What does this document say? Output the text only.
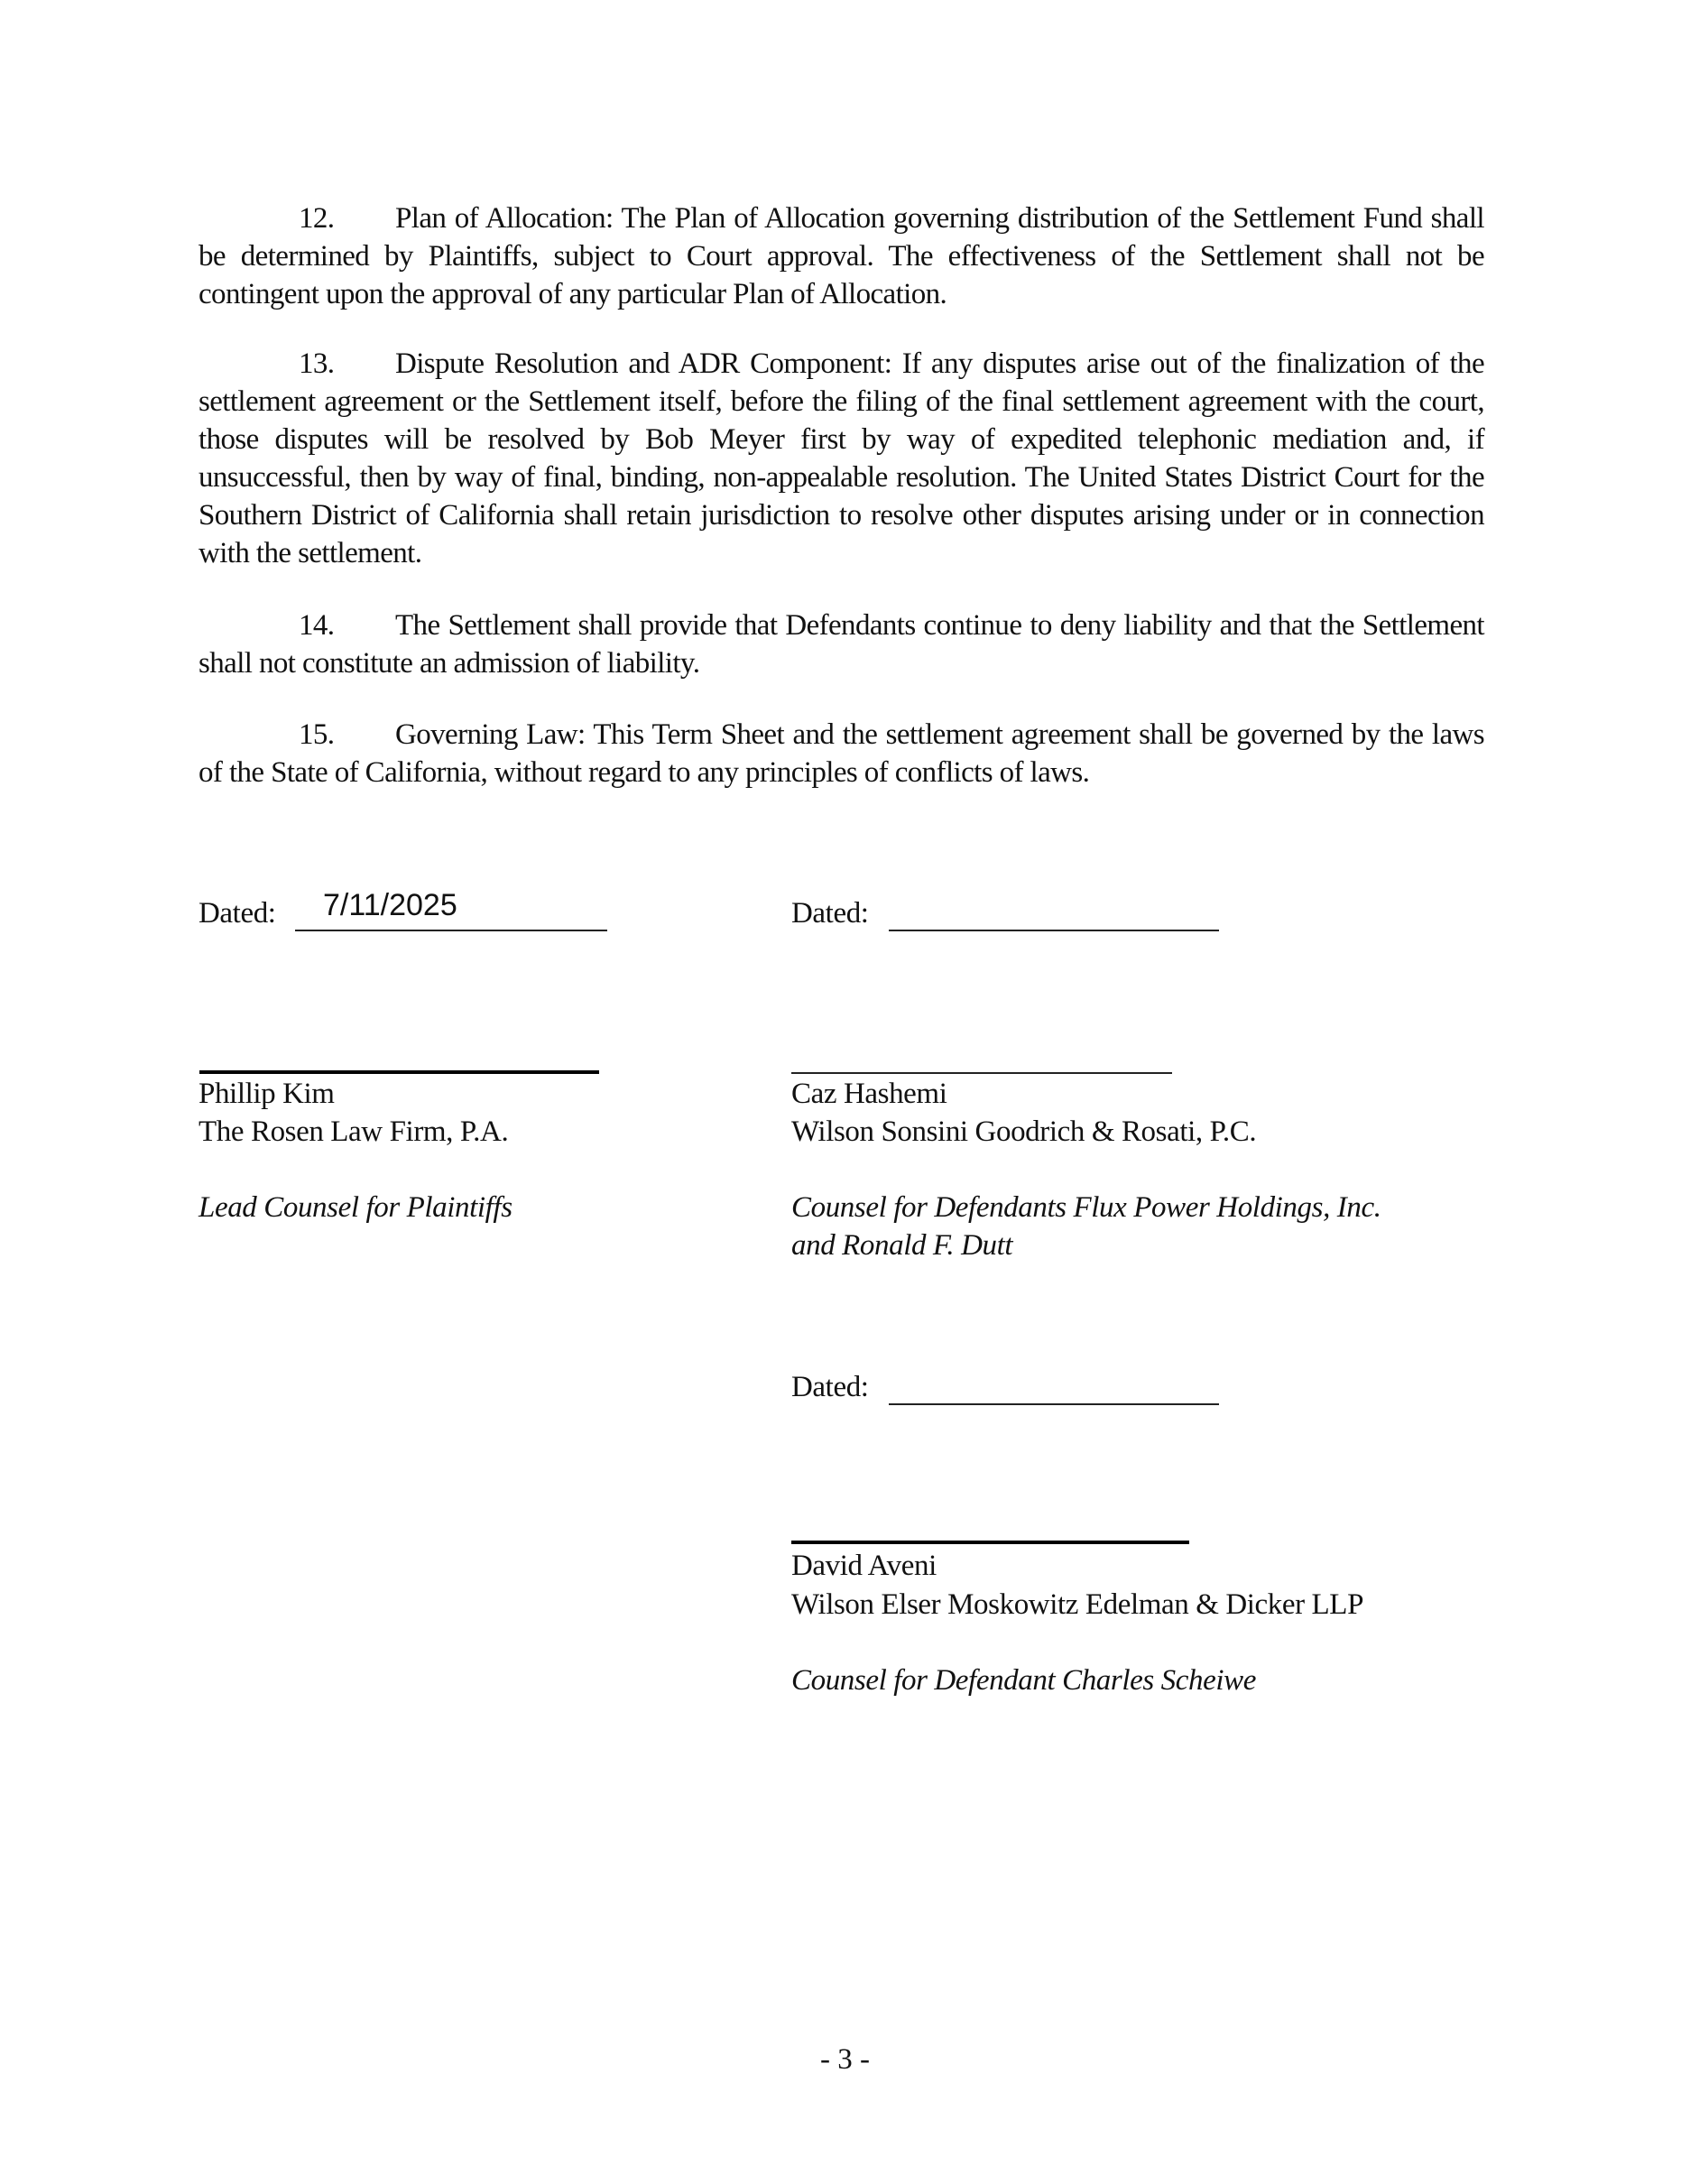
12. Plan of Allocation: The Plan of Allocation governing distribution of the Settlement Fund shall be determined by Plaintiffs, subject to Court approval. The effectiveness of the Settlement shall not be contingent upon the approval of any particular Plan of Allocation.
13. Dispute Resolution and ADR Component: If any disputes arise out of the finalization of the settlement agreement or the Settlement itself, before the filing of the final settlement agreement with the court, those disputes will be resolved by Bob Meyer first by way of expedited telephonic mediation and, if unsuccessful, then by way of final, binding, non-appealable resolution. The United States District Court for the Southern District of California shall retain jurisdiction to resolve other disputes arising under or in connection with the settlement.
14. The Settlement shall provide that Defendants continue to deny liability and that the Settlement shall not constitute an admission of liability.
15. Governing Law: This Term Sheet and the settlement agreement shall be governed by the laws of the State of California, without regard to any principles of conflicts of laws.
Dated: 7/11/2025
Phillip Kim
The Rosen Law Firm, P.A.
Lead Counsel for Plaintiffs
Dated:
Caz Hashemi
Wilson Sonsini Goodrich & Rosati, P.C.
Counsel for Defendants Flux Power Holdings, Inc.
and Ronald F. Dutt
Dated:
David Aveni
Wilson Elser Moskowitz Edelman & Dicker LLP
Counsel for Defendant Charles Scheiwe
- 3 -
